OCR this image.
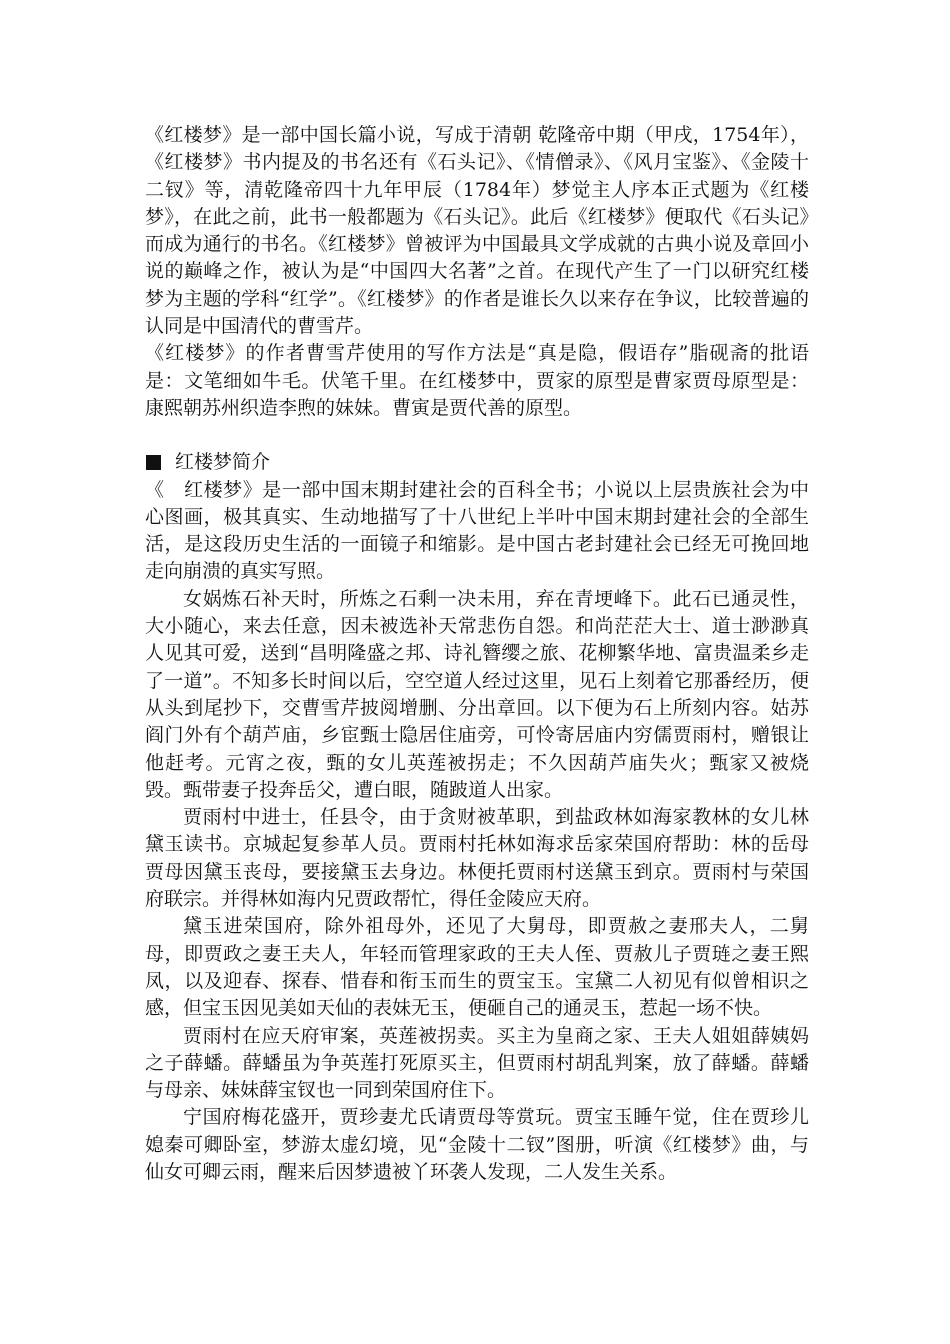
《红楼梦》是一部中国长篇小说，写成于清朝 乾隆帝中期（甲戌，1754年），《红楼梦》书内提及的书名还有《石头记》、《情僧录》、《风月宝鉴》、《金陵十二钗》等，清乾隆帝四十九年甲辰（1784年）梦觉主人序本正式题为《红楼梦》，在此之前，此书一般都题为《石头记》。此后《红楼梦》便取代《石头记》而成为通行的书名。《红楼梦》曾被评为中国最具文学成就的古典小说及章回小说的巅峰之作，被认为是“中国四大名著”之首。在现代产生了一门以研究红楼梦为主题的学科“红学”。《红楼梦》的作者是谁长久以来存在争议，比较普遍的认同是中国清代的曹雪芹。

《红楼梦》的作者曹雪芹使用的写作方法是“真是隐，假语存”脂砚斋的批语是：文笔细如牛毛。伏笔千里。在红楼梦中，贾家的原型是曹家贾母原型是：康熙朝苏州织造李煦的妹妹。曹寅是贾代善的原型。

红楼梦简介

《　红楼梦》是一部中国末期封建社会的百科全书；小说以上层贵族社会为中心图画，极其真实、生动地描写了十八世纪上半叶中国末期封建社会的全部生活，是这段历史生活的一面镜子和缩影。是中国古老封建社会已经无可挽回地走向崩溃的真实写照。

女娲炼石补天时，所炼之石剩一决未用，弃在青埂峰下。此石已通灵性，大小随心，来去任意，因未被选补天常悲伤自怨。和尚茫茫大士、道士渺渺真人见其可爱，送到“昌明隆盛之邦、诗礼簪缨之旅、花柳繁华地、富贵温柔乡走了一道”。不知多长时间以后，空空道人经过这里，见石上刻着它那番经历，便从头到尾抄下，交曹雪芹披阅增删、分出章回。以下便为石上所刻内容。姑苏阎门外有个葫芦庙，乡宦甄士隐居住庙旁，可怜寄居庙内穷儒贾雨村，赠银让他赶考。元宵之夜，甄的女儿英莲被拐走；不久因葫芦庙失火；甄家又被烧毁。甄带妻子投奔岳父，遭白眼，随跛道人出家。

贾雨村中进士，任县令，由于贪财被革职，到盐政林如海家教林的女儿林黛玉读书。京城起复参革人员。贾雨村托林如海求岳家荣国府帮助：林的岳母贾母因黛玉丧母，要接黛玉去身边。林便托贾雨村送黛玉到京。贾雨村与荣国府联宗。并得林如海内兄贾政帮忙，得任金陵应天府。

黛玉进荣国府，除外祖母外，还见了大舅母，即贾赦之妻邢夫人，二舅母，即贾政之妻王夫人，年轻而管理家政的王夫人侄、贾赦儿子贾琏之妻王熙凤，以及迎春、探春、惜春和衔玉而生的贾宝玉。宝黛二人初见有似曾相识之感，但宝玉因见美如天仙的表妹无玉，便砸自己的通灵玉，惹起一场不快。

贾雨村在应天府审案，英莲被拐卖。买主为皇商之家、王夫人姐姐薛姨妈之子薛蟠。薛蟠虽为争英莲打死原买主，但贾雨村胡乱判案，放了薛蟠。薛蟠与母亲、妹妹薛宝钗也一同到荣国府住下。

宁国府梅花盛开，贾珍妻尤氏请贾母等赏玩。贾宝玉睡午觉，住在贾珍儿媳秦可卿卧室，梦游太虚幻境，见“金陵十二钗”图册，听演《红楼梦》曲，与仙女可卿云雨，醒来后因梦遗被丫环袭人发现，二人发生关系。
